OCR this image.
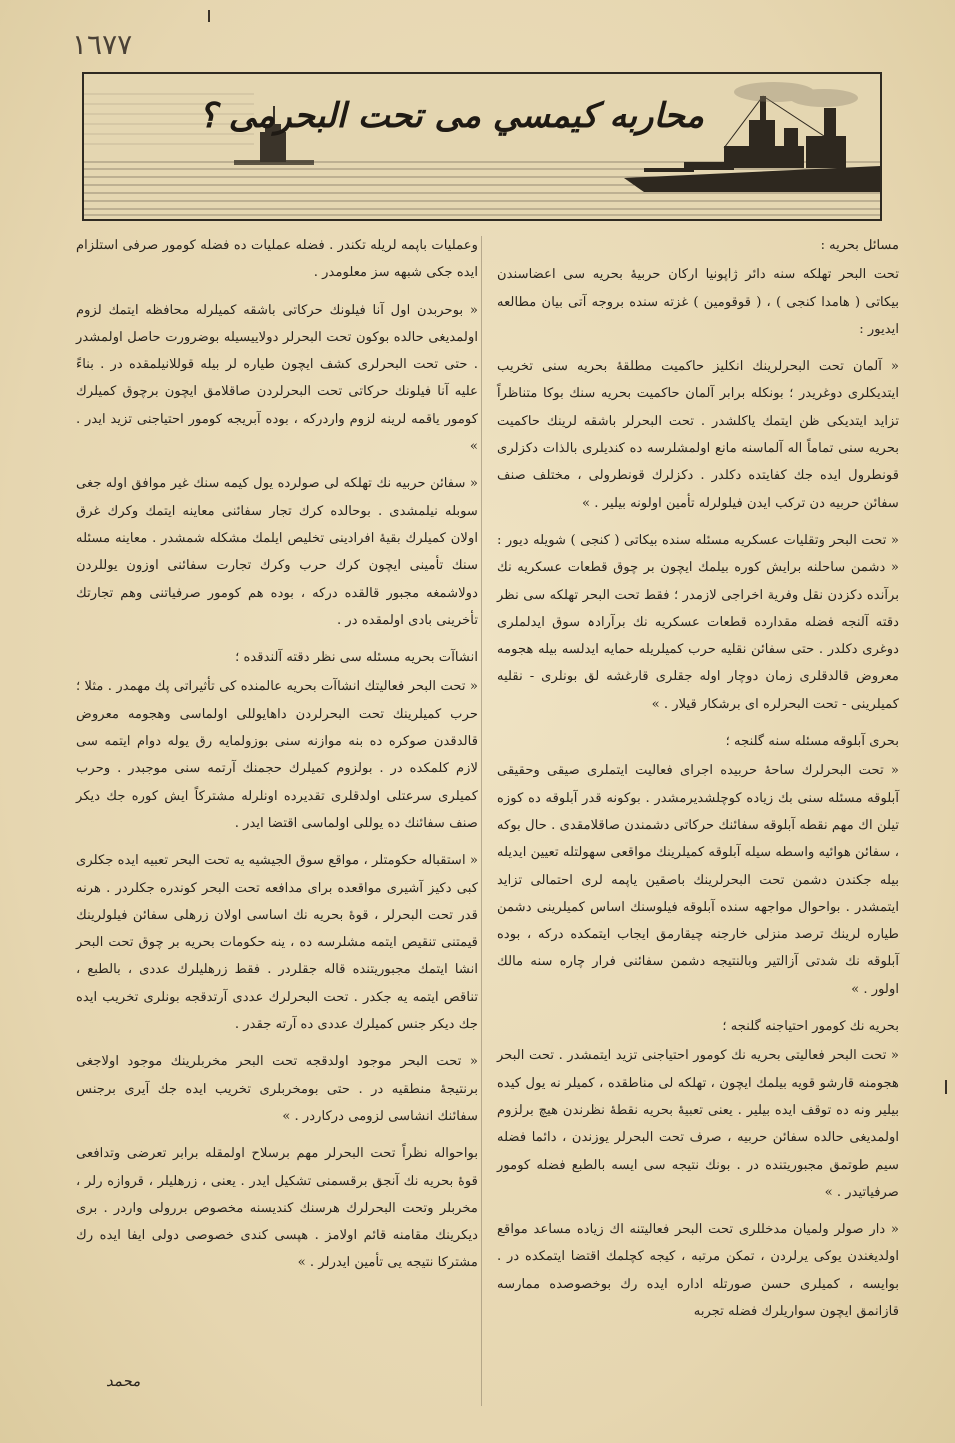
١٦٧٧
محاربه كيمسي مى تحت البحرمى ؟

مسائل بحريه :

تحت البحر تهلكه سنه دائر ژاپونيا اركان حربيهٔ بحريه سى اعضاسندن بيكاتى ( هامدا كنجى ) ، ( قوقومين ) غزته سنده بروجه آتى بيان مطالعه ايديور :

« آلمان تحت البحرلرينك انكليز حاكميت مطلقهٔ بحريه سنى تخريب ايتديكلرى دوغريدر ؛ بونكله برابر آلمان حاكميت بحريه سنك بوكا متناظراً تزايد ايتديكى ظن ايتمك ياكلشدر . تحت البحرلر باشقه لرينك حاكميت بحريه سنى تماماً اله آلماسنه مانع اولمشلرسه ده كنديلرى بالذات دكزلرى قونطرول ايده جك كفايتده دكلدر . دكزلرك قونطرولى ، مختلف صنف سفائن حربيه دن تركب ايدن فيلولرله تأمين اولونه بيلير . »

« تحت البحر وتقليات عسكريه مسئله سنده بيكاتى ( كنجى ) شويله ديور : « دشمن ساحلنه برايش كوره بيلمك ايچون بر چوق قطعات عسكريه نك برآنده دكزدن نقل وفرية اخراجى لازمدر ؛ فقط تحت البحر تهلكه سى نظر دقته آلنجه فضله مقدارده قطعات عسكريه نك برآرادہ سوق ايدلملرى دوغرى دكلدر . حتى سفائن نقليه حرب كميلريله حمايه ايدلسه بيله هجومه معروض قالدقلرى زمان دوچار اوله جقلرى قارغشه لق بونلرى - نقليه كميلرينى - تحت البحرلره اى برشكار قيلار . »

بحرى آبلوقه مسئله سنه گلنجه ؛

« تحت البحرلرك ساحهٔ حربيده اجراى فعاليت ايتملرى صيقى وحقيقى آبلوقه مسئله سنى بك زياده كوچلشديرمشدر . بوكونه قدر آبلوقه ده كوزه تيلن اك مهم نقطه آبلوقه سفائنك حركاتى دشمندن صاقلامقدى . حال بوكه ، سفائن هوائيه واسطه سيله آبلوقه كميلرينك مواقعى سهولتله تعيين ايديله بيله جكندن دشمن تحت البحرلرينك باصقين ياپمه لرى احتمالى تزايد ايتمشدر . بواحوال مواجهه سنده آبلوقه فيلوسنك اساس كميلرينى دشمن طياره لرينك ترصد منزلى خارجنه چيقارمق ايجاب ايتمكده دركه ، بوده آبلوقه نك شدتى آزالتير وبالنتيجه دشمن سفائنى فرار چاره سنه مالك اولور . »

بحريه نك كومور احتياجنه گلنجه ؛

« تحت البحر فعاليتى بحريه نك كومور احتياجنى تزيد ايتمشدر . تحت البحر هجومنه قارشو قويه بيلمك ايچون ، تهلكه لى مناطقده ، كميلر نه يول كيده بيلير ونه ده توقف ايده بيلير . يعنى تعبيهٔ بحريه نقطهٔ نظرندن هيچ برلزوم اولمديغى حالده سفائن حربيه ، صرف تحت البحرلر يوزندن ، دائما فضله سيم طوتمق مجبوريتنده در . بونك نتيجه سى ايسه بالطبع فضله كومور صرفياتيدر . »

« دار صولر ولميان مدخللرى تحت البحر فعاليتنه اك زياده مساعد مواقع اولديغندن يوكى يرلردن ، تمكن مرتبه ، كيجه كچلمك اقتضا ايتمكده در . بوايسه ، كميلرى حسن صورتله اداره ايده رك بوخصوصده ممارسه قازانمق ايچون سواريلرك فضله تجربه

وعمليات باپمه لريله تكندر . فضله عمليات ده فضله كومور صرفى استلزام ايده جكى شبهه سز معلومدر .

« بوحربدن اول آنا فيلونك حركاتى باشقه كميلرله محافظه ايتمك لزوم اولمديغى حالده بوكون تحت البحرلر دولاييسيله بوضرورت حاصل اولمشدر . حتى تحت البحرلرى كشف ايچون طياره لر بيله قوللانيلمقده در . بناءً عليه آنا فيلونك حركاتى تحت البحرلردن صاقلامق ايچون برچوق كميلرك كومور ياقمه لرينه لزوم واردركه ، بوده آبريجه كومور احتياجنى تزيد ايدر . »

« سفائن حربيه نك تهلكه لى صولرده يول كيمه سنك غير موافق اوله جغى سوبله نيلمشدى . بوحالده كرك تجار سفائنى معاينه ايتمك وكرك غرق اولان كميلرك بقيهٔ افرادينى تخليص ايلمك مشكله شمشدر . معاينه مسئله سنك تأمينى ايچون كرك حرب وكرك تجارت سفائنى اوزون يوللردن دولاشمغه مجبور قالقده دركه ، بوده هم كومور صرفياتنى وهم تجارتك تأخرينى بادى اولمقده در .

انشاآت بحريه مسئله سى نظر دقته آلندقده ؛

« تحت البحر فعاليتك انشاآت بحريه عالمنده كى تأثيراتى پك مهمدر . مثلا ؛ حرب كميلرينك تحت البحرلردن داهايوللى اولماسى وهجومه معروض قالدقدن صوكره ده بنه موازنه سنى بوزولمايه رق يوله دوام ايتمه سى لازم كلمكده در . بولزوم كميلرك حجمنك آرتمه سنى موجبدر . وحرب كميلرى سرعتلى اولدقلرى تقديرده اونلرله مشتركاً ايش كوره جك ديكر صنف سفائنك ده يوللى اولماسى اقتضا ايدر .

« استقباله حكومتلر ، مواقع سوق الجيشيه يه تحت البحر تعبيه ايده جكلرى كبى دكيز آشيرى مواقعده براى مدافعه تحت البحر كوندره جكلردر . هرنه قدر تحت البحرلر ، قوهٔ بحريه نك اساسى اولان زرهلى سفائن فيلولرينك قيمتنى تنقيص ايتمه مشلرسه ده ، ينه حكومات بحريه بر چوق تحت البحر انشا ايتمك مجبوريتنده قاله جقلردر . فقط زرهليلرك عددى ، بالطبع ، تناقص ايتمه يه جكدر . تحت البحرلرك عددى آرتدقجه بونلرى تخريب ايده جك ديكر جنس كميلرك عددى ده آرته جقدر .

« تحت البحر موجود اولدقجه تحت البحر مخربلرينك موجود اولاجغى برنتيجهٔ منطقيه در . حتى بومخربلرى تخريب ايده جك آيرى برجنس سفائنك انشاسى لزومى دركاردر . »

بواحواله نظراً تحت البحرلر مهم برسلاح اولمقله برابر تعرضى وتدافعى قوهٔ بحريه نك آنجق برقسمنى تشكيل ايدر . يعنى ، زرهليلر ، قروازه رلر ، مخربلر وتحت البحرلرك هرسنك كنديسنه مخصوص بررولى واردر . برى ديكرينك مقامنه قائم اولامز . هپسى كندى خصوصى دولى ايفا ايده رك مشتركا نتيجه يى تأمين ايدرلر . »

محمد
